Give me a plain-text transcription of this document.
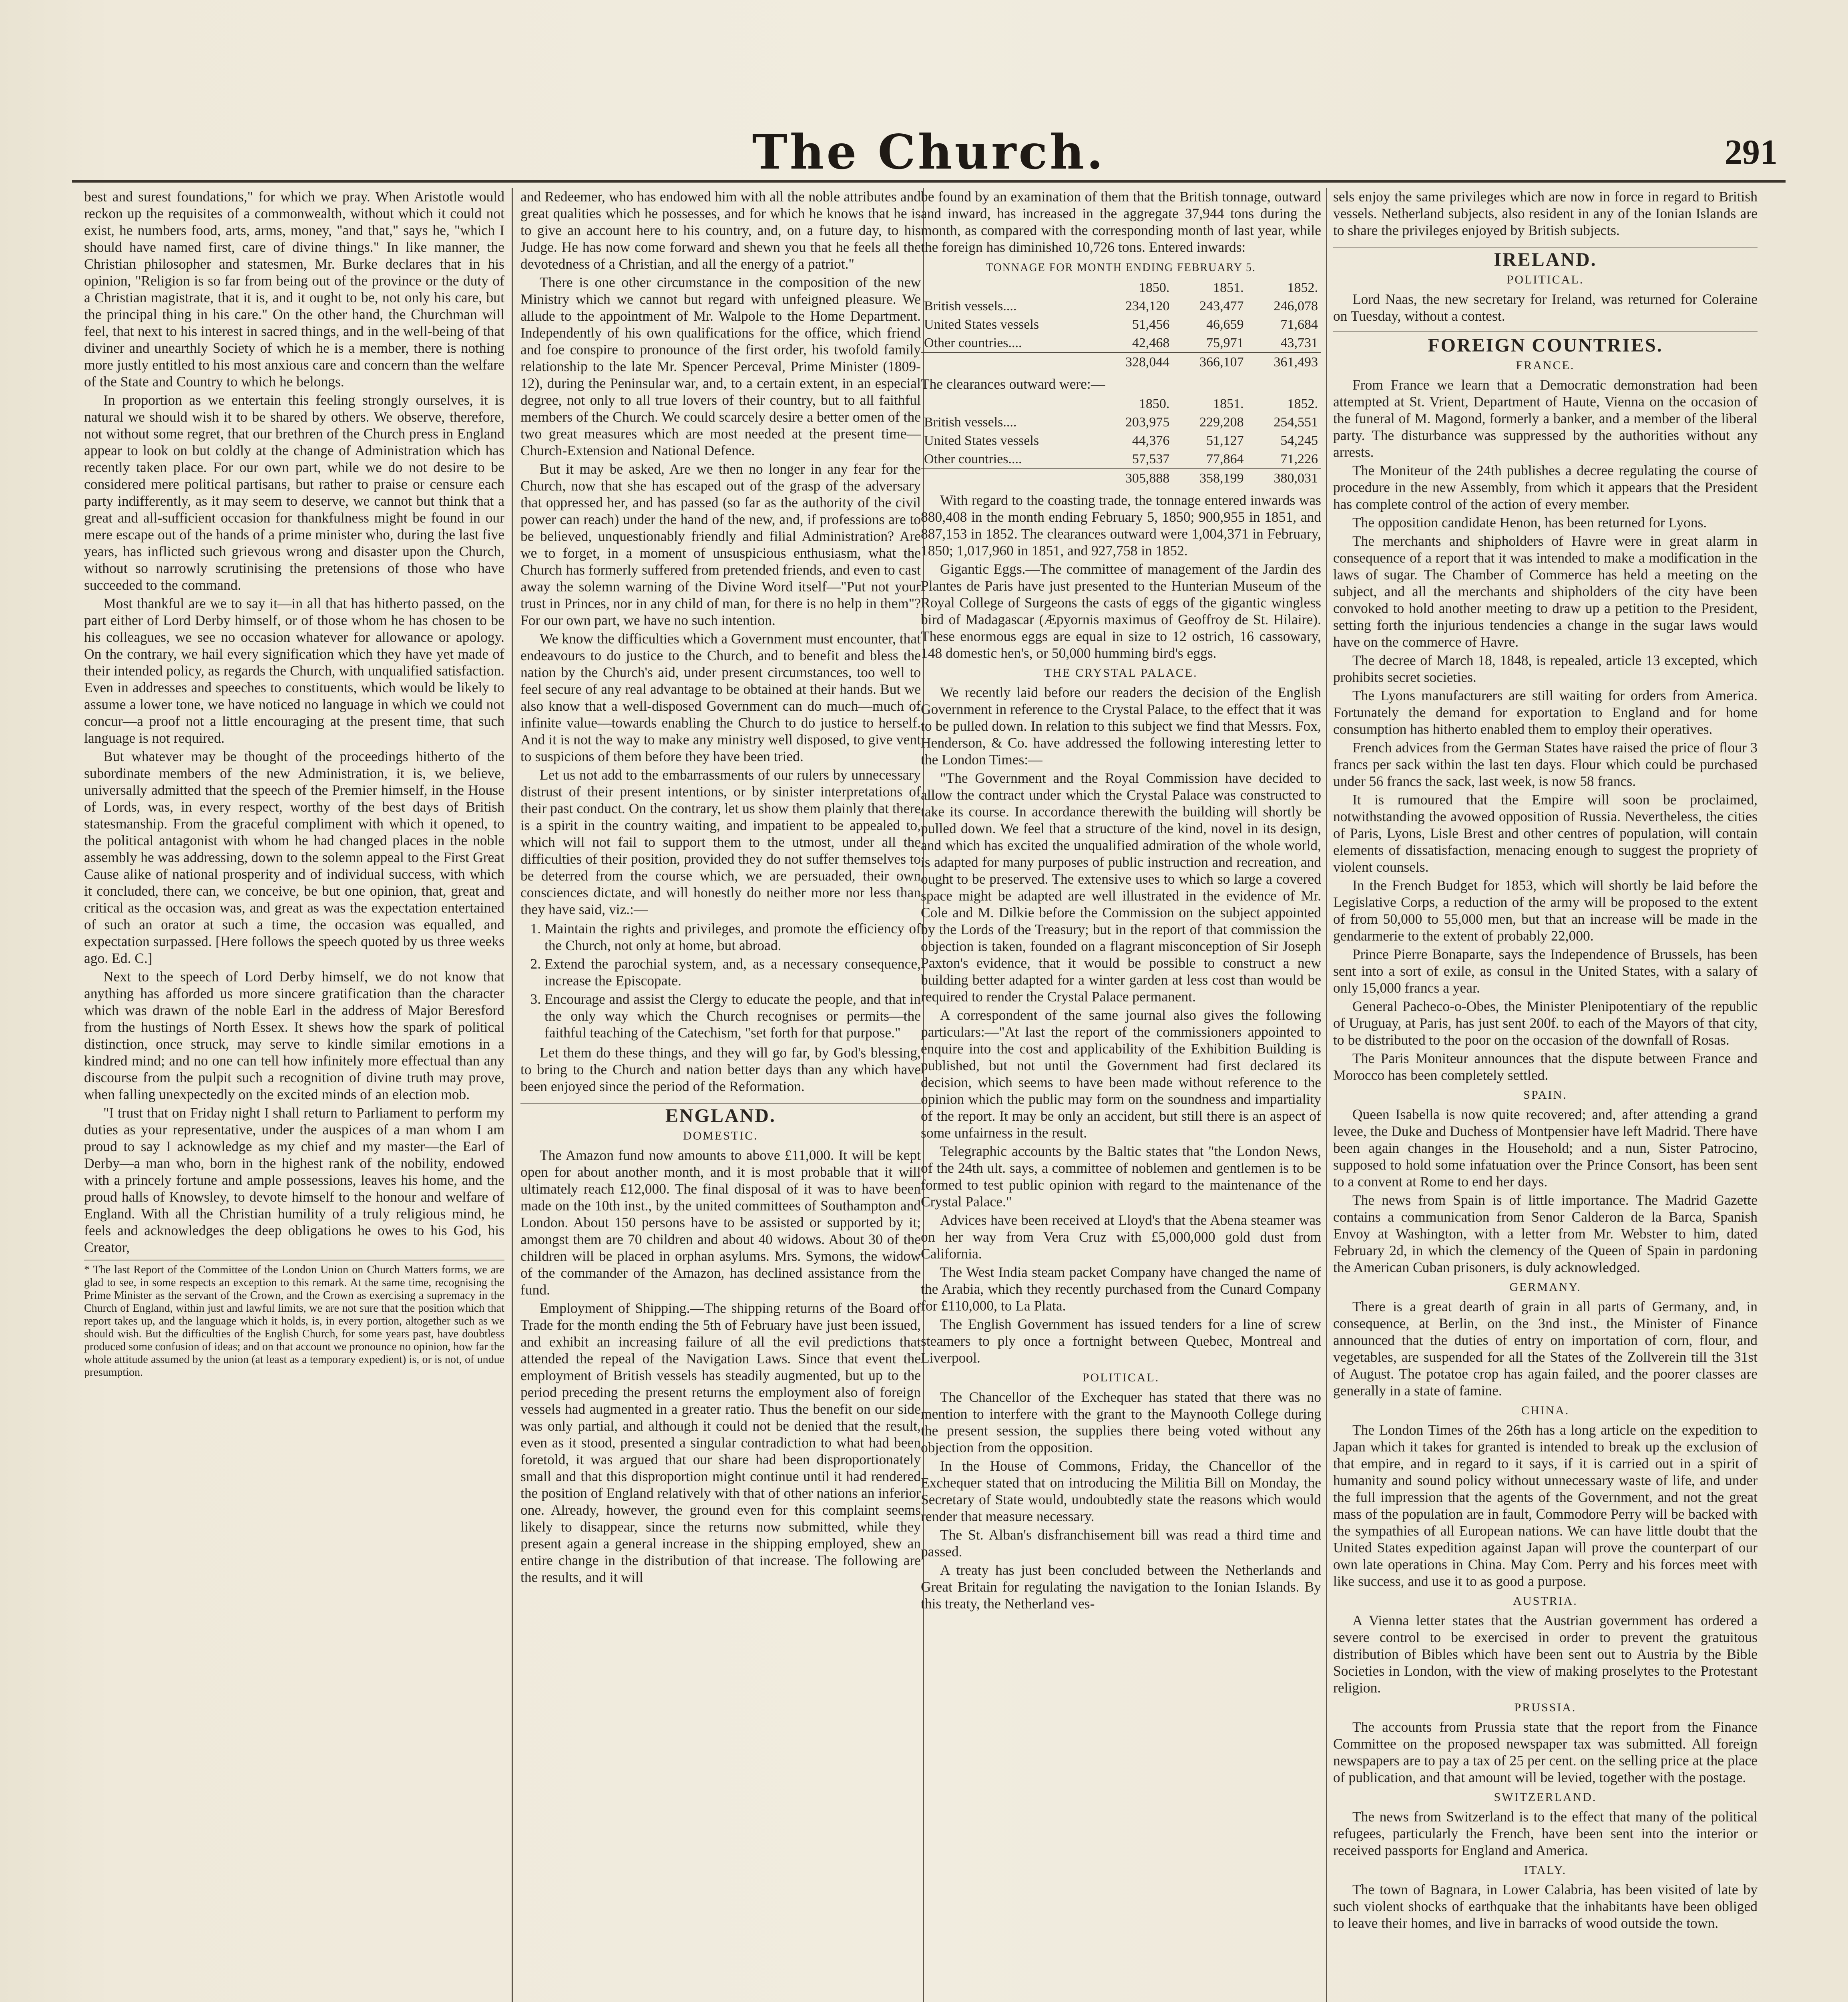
The Church.	291

best and surest foundations," for which we pray. When Aristotle would reckon up the requisites of a commonwealth, without which it could not exist, he numbers food, arts, arms, money, "and that," says he, "which I should have named first, care of divine things." In like manner, the Christian philosopher and statesmen, Mr. Burke declares that in his opinion, "Religion is so far from being out of the province or the duty of a Christian magistrate, that it is, and it ought to be, not only his care, but the principal thing in his care." On the other hand, the Churchman will feel, that next to his interest in sacred things, and in the well-being of that diviner and unearthly Society of which he is a member, there is nothing more justly entitled to his most anxious care and concern than the welfare of the State and Country to which he belongs.

In proportion as we entertain this feeling strongly ourselves, it is natural we should wish it to be shared by others. We observe, therefore, not without some regret, that our brethren of the Church press in England appear to look on but coldly at the change of Administration which has recently taken place. For our own part, while we do not desire to be considered mere political partisans, but rather to praise or censure each party indifferently, as it may seem to deserve, we cannot but think that a great and all-sufficient occasion for thankfulness might be found in our mere escape out of the hands of a prime minister who, during the last five years, has inflicted such grievous wrong and disaster upon the Church, without so narrowly scrutinising the pretensions of those who have succeeded to the command.

Most thankful are we to say it—in all that has hitherto passed, on the part either of Lord Derby himself, or of those whom he has chosen to be his colleagues, we see no occasion whatever for allowance or apology. On the contrary, we hail every signification which they have yet made of their intended policy, as regards the Church, with unqualified satisfaction. Even in addresses and speeches to constituents, which would be likely to assume a lower tone, we have noticed no language in which we could not concur—a proof not a little encouraging at the present time, that such language is not required.

But whatever may be thought of the proceedings hitherto of the subordinate members of the new Administration, it is, we believe, universally admitted that the speech of the Premier himself, in the House of Lords, was, in every respect, worthy of the best days of British statesmanship. From the graceful compliment with which it opened, to the political antagonist with whom he had changed places in the noble assembly he was addressing, down to the solemn appeal to the First Great Cause alike of national prosperity and of individual success, with which it concluded, there can, we conceive, be but one opinion, that, great and critical as the occasion was, and great as was the expectation entertained of such an orator at such a time, the occasion was equalled, and expectation surpassed. [Here follows the speech quoted by us three weeks ago. Ed. C.]

Next to the speech of Lord Derby himself, we do not know that anything has afforded us more sincere gratification than the character which was drawn of the noble Earl in the address of Major Beresford from the hustings of North Essex. It shews how the spark of political distinction, once struck, may serve to kindle similar emotions in a kindred mind; and no one can tell how infinitely more effectual than any discourse from the pulpit such a recognition of divine truth may prove, when falling unexpectedly on the excited minds of an election mob.

"I trust that on Friday night I shall return to Parliament to perform my duties as your representative, under the auspices of a man whom I am proud to say I acknowledge as my chief and my master—the Earl of Derby—a man who, born in the highest rank of the nobility, endowed with a princely fortune and ample possessions, leaves his home, and the proud halls of Knowsley, to devote himself to the honour and welfare of England. With all the Christian humility of a truly religious mind, he feels and acknowledges the deep obligations he owes to his God, his Creator,

* The last Report of the Committee of the London Union on Church Matters forms, we are glad to see, in some respects an exception to this remark. At the same time, recognising the Prime Minister as the servant of the Crown, and the Crown as exercising a supremacy in the Church of England, within just and lawful limits, we are not sure that the position which that report takes up, and the language which it holds, is, in every portion, altogether such as we should wish. But the difficulties of the English Church, for some years past, have doubtless produced some confusion of ideas; and on that account we pronounce no opinion, how far the whole attitude assumed by the union (at least as a temporary expedient) is, or is not, of undue presumption.

and Redeemer, who has endowed him with all the noble attributes and great qualities which he possesses, and for which he knows that he is to give an account here to his country, and, on a future day, to his Judge. He has now come forward and shewn you that he feels all the devotedness of a Christian, and all the energy of a patriot."

There is one other circumstance in the composition of the new Ministry which we cannot but regard with unfeigned pleasure. We allude to the appointment of Mr. Walpole to the Home Department. Independently of his own qualifications for the office, which friend and foe conspire to pronounce of the first order, his twofold family relationship to the late Mr. Spencer Perceval, Prime Minister (1809-12), during the Peninsular war, and, to a certain extent, in an especial degree, not only to all true lovers of their country, but to all faithful members of the Church. We could scarcely desire a better omen of the two great measures which are most needed at the present time—Church-Extension and National Defence.

But it may be asked, Are we then no longer in any fear for the Church, now that she has escaped out of the grasp of the adversary that oppressed her, and has passed (so far as the authority of the civil power can reach) under the hand of the new, and, if professions are to be believed, unquestionably friendly and filial Administration? Are we to forget, in a moment of unsuspicious enthusiasm, what the Church has formerly suffered from pretended friends, and even to cast away the solemn warning of the Divine Word itself—"Put not your trust in Princes, nor in any child of man, for there is no help in them"? For our own part, we have no such intention.

We know the difficulties which a Government must encounter, that endeavours to do justice to the Church, and to benefit and bless the nation by the Church's aid, under present circumstances, too well to feel secure of any real advantage to be obtained at their hands. But we also know that a well-disposed Government can do much—much of infinite value—towards enabling the Church to do justice to herself. And it is not the way to make any ministry well disposed, to give vent to suspicions of them before they have been tried.

Let us not add to the embarrassments of our rulers by unnecessary distrust of their present intentions, or by sinister interpretations of their past conduct. On the contrary, let us show them plainly that there is a spirit in the country waiting, and impatient to be appealed to, which will not fail to support them to the utmost, under all the difficulties of their position, provided they do not suffer themselves to be deterred from the course which, we are persuaded, their own consciences dictate, and will honestly do neither more nor less than they have said, viz.:—

1. Maintain the rights and privileges, and promote the efficiency of the Church, not only at home, but abroad.
2. Extend the parochial system, and, as a necessary consequence, increase the Episcopate.
3. Encourage and assist the Clergy to educate the people, and that in the only way which the Church recognises or permits—the faithful teaching of the Catechism, "set forth for that purpose."

Let them do these things, and they will go far, by God's blessing, to bring to the Church and nation better days than any which have been enjoyed since the period of the Reformation.

ENGLAND.
DOMESTIC.

The Amazon fund now amounts to above £11,000. It will be kept open for about another month, and it is most probable that it will ultimately reach £12,000. The final disposal of it was to have been made on the 10th inst., by the united committees of Southampton and London. About 150 persons have to be assisted or supported by it; amongst them are 70 children and about 40 widows. About 30 of the children will be placed in orphan asylums. Mrs. Symons, the widow of the commander of the Amazon, has declined assistance from the fund.

Employment of Shipping.—The shipping returns of the Board of Trade for the month ending the 5th of February have just been issued, and exhibit an increasing failure of all the evil predictions that attended the repeal of the Navigation Laws. Since that event the employment of British vessels has steadily augmented, but up to the period preceding the present returns the employment also of foreign vessels had augmented in a greater ratio. Thus the benefit on our side was only partial, and although it could not be denied that the result, even as it stood, presented a singular contradiction to what had been foretold, it was argued that our share had been disproportionately small and that this disproportion might continue until it had rendered the position of England relatively with that of other nations an inferior one. Already, however, the ground even for this complaint seems likely to disappear, since the returns now submitted, while they present again a general increase in the shipping employed, shew an entire change in the distribution of that increase. The following are the results, and it will

be found by an examination of them that the British tonnage, outward and inward, has increased in the aggregate 37,944 tons during the month, as compared with the corresponding month of last year, while the foreign has diminished 10,726 tons. Entered inwards:

TONNAGE FOR MONTH ENDING FEBRUARY 5.
	1850.	1851.	1852.
British vessels....	234,120	243,477	246,078
United States vessels	51,456	46,659	71,684
Other countries....	42,468	75,971	43,731
	328,044	366,107	361,493

The clearances outward were:—

	1850.	1851.	1852.
British vessels....	203,975	229,208	254,551
United States vessels	44,376	51,127	54,245
Other countries....	57,537	77,864	71,226
	305,888	358,199	380,031

With regard to the coasting trade, the tonnage entered inwards was 880,408 in the month ending February 5, 1850; 900,955 in 1851, and 887,153 in 1852. The clearances outward were 1,004,371 in February, 1850; 1,017,960 in 1851, and 927,758 in 1852.

Gigantic Eggs.—The committee of management of the Jardin des Plantes de Paris have just presented to the Hunterian Museum of the Royal College of Surgeons the casts of eggs of the gigantic wingless bird of Madagascar (Æpyornis maximus of Geoffroy de St. Hilaire). These enormous eggs are equal in size to 12 ostrich, 16 cassowary, 148 domestic hen's, or 50,000 humming bird's eggs.

THE CRYSTAL PALACE.

We recently laid before our readers the decision of the English Government in reference to the Crystal Palace, to the effect that it was to be pulled down. In relation to this subject we find that Messrs. Fox, Henderson, & Co. have addressed the following interesting letter to the London Times:—

"The Government and the Royal Commission have decided to allow the contract under which the Crystal Palace was constructed to take its course. In accordance therewith the building will shortly be pulled down. We feel that a structure of the kind, novel in its design, and which has excited the unqualified admiration of the whole world, is adapted for many purposes of public instruction and recreation, and ought to be preserved. The extensive uses to which so large a covered space might be adapted are well illustrated in the evidence of Mr. Cole and M. Dilkie before the Commission on the subject appointed by the Lords of the Treasury; but in the report of that commission the objection is taken, founded on a flagrant misconception of Sir Joseph Paxton's evidence, that it would be possible to construct a new building better adapted for a winter garden at less cost than would be required to render the Crystal Palace permanent.

A correspondent of the same journal also gives the following particulars:—"At last the report of the commissioners appointed to enquire into the cost and applicability of the Exhibition Building is published, but not until the Government had first declared its decision, which seems to have been made without reference to the opinion which the public may form on the soundness and impartiality of the report. It may be only an accident, but still there is an aspect of some unfairness in the result.

Telegraphic accounts by the Baltic states that "the London News, of the 24th ult. says, a committee of noblemen and gentlemen is to be formed to test public opinion with regard to the maintenance of the Crystal Palace."

Advices have been received at Lloyd's that the Abena steamer was on her way from Vera Cruz with £5,000,000 gold dust from California.

The West India steam packet Company have changed the name of the Arabia, which they recently purchased from the Cunard Company for £110,000, to La Plata.

The English Government has issued tenders for a line of screw steamers to ply once a fortnight between Quebec, Montreal and Liverpool.

POLITICAL.

The Chancellor of the Exchequer has stated that there was no mention to interfere with the grant to the Maynooth College during the present session, the supplies there being voted without any objection from the opposition.

In the House of Commons, Friday, the Chancellor of the Exchequer stated that on introducing the Militia Bill on Monday, the Secretary of State would, undoubtedly state the reasons which would render that measure necessary.

The St. Alban's disfranchisement bill was read a third time and passed.

A treaty has just been concluded between the Netherlands and Great Britain for regulating the navigation to the Ionian Islands. By this treaty, the Netherland ves-

sels enjoy the same privileges which are now in force in regard to British vessels. Netherland subjects, also resident in any of the Ionian Islands are to share the privileges enjoyed by British subjects.

IRELAND.
POLITICAL.

Lord Naas, the new secretary for Ireland, was returned for Coleraine on Tuesday, without a contest.

FOREIGN COUNTRIES.
FRANCE.

From France we learn that a Democratic demonstration had been attempted at St. Vrient, Department of Haute, Vienna on the occasion of the funeral of M. Magond, formerly a banker, and a member of the liberal party. The disturbance was suppressed by the authorities without any arrests.

The Moniteur of the 24th publishes a decree regulating the course of procedure in the new Assembly, from which it appears that the President has complete control of the action of every member.

The opposition candidate Henon, has been returned for Lyons.

The merchants and shipholders of Havre were in great alarm in consequence of a report that it was intended to make a modification in the laws of sugar. The Chamber of Commerce has held a meeting on the subject, and all the merchants and shipholders of the city have been convoked to hold another meeting to draw up a petition to the President, setting forth the injurious tendencies a change in the sugar laws would have on the commerce of Havre.

The decree of March 18, 1848, is repealed, article 13 excepted, which prohibits secret societies.

The Lyons manufacturers are still waiting for orders from America. Fortunately the demand for exportation to England and for home consumption has hitherto enabled them to employ their operatives.

French advices from the German States have raised the price of flour 3 francs per sack within the last ten days. Flour which could be purchased under 56 francs the sack, last week, is now 58 francs.

It is rumoured that the Empire will soon be proclaimed, notwithstanding the avowed opposition of Russia. Nevertheless, the cities of Paris, Lyons, Lisle Brest and other centres of population, will contain elements of dissatisfaction, menacing enough to suggest the propriety of violent counsels.

In the French Budget for 1853, which will shortly be laid before the Legislative Corps, a reduction of the army will be proposed to the extent of from 50,000 to 55,000 men, but that an increase will be made in the gendarmerie to the extent of probably 22,000.

Prince Pierre Bonaparte, says the Independence of Brussels, has been sent into a sort of exile, as consul in the United States, with a salary of only 15,000 francs a year.

General Pacheco-o-Obes, the Minister Plenipotentiary of the republic of Uruguay, at Paris, has just sent 200f. to each of the Mayors of that city, to be distributed to the poor on the occasion of the downfall of Rosas.

The Paris Moniteur announces that the dispute between France and Morocco has been completely settled.

SPAIN.

Queen Isabella is now quite recovered; and, after attending a grand levee, the Duke and Duchess of Montpensier have left Madrid. There have been again changes in the Household; and a nun, Sister Patrocino, supposed to hold some infatuation over the Prince Consort, has been sent to a convent at Rome to end her days.

The news from Spain is of little importance. The Madrid Gazette contains a communication from Senor Calderon de la Barca, Spanish Envoy at Washington, with a letter from Mr. Webster to him, dated February 2d, in which the clemency of the Queen of Spain in pardoning the American Cuban prisoners, is duly acknowledged.

GERMANY.

There is a great dearth of grain in all parts of Germany, and, in consequence, at Berlin, on the 3nd inst., the Minister of Finance announced that the duties of entry on importation of corn, flour, and vegetables, are suspended for all the States of the Zollverein till the 31st of August. The potatoe crop has again failed, and the poorer classes are generally in a state of famine.

CHINA.

The London Times of the 26th has a long article on the expedition to Japan which it takes for granted is intended to break up the exclusion of that empire, and in regard to it says, if it is carried out in a spirit of humanity and sound policy without unnecessary waste of life, and under the full impression that the agents of the Government, and not the great mass of the population are in fault, Commodore Perry will be backed with the sympathies of all European nations. We can have little doubt that the United States expedition against Japan will prove the counterpart of our own late operations in China. May Com. Perry and his forces meet with like success, and use it to as good a purpose.

AUSTRIA.

A Vienna letter states that the Austrian government has ordered a severe control to be exercised in order to prevent the gratuitous distribution of Bibles which have been sent out to Austria by the Bible Societies in London, with the view of making proselytes to the Protestant religion.

PRUSSIA.

The accounts from Prussia state that the report from the Finance Committee on the proposed newspaper tax was submitted. All foreign newspapers are to pay a tax of 25 per cent. on the selling price at the place of publication, and that amount will be levied, together with the postage.

SWITZERLAND.

The news from Switzerland is to the effect that many of the political refugees, particularly the French, have been sent into the interior or received passports for England and America.

ITALY.

The town of Bagnara, in Lower Calabria, has been visited of late by such violent shocks of earthquake that the inhabitants have been obliged to leave their homes, and live in barracks of wood outside the town.
